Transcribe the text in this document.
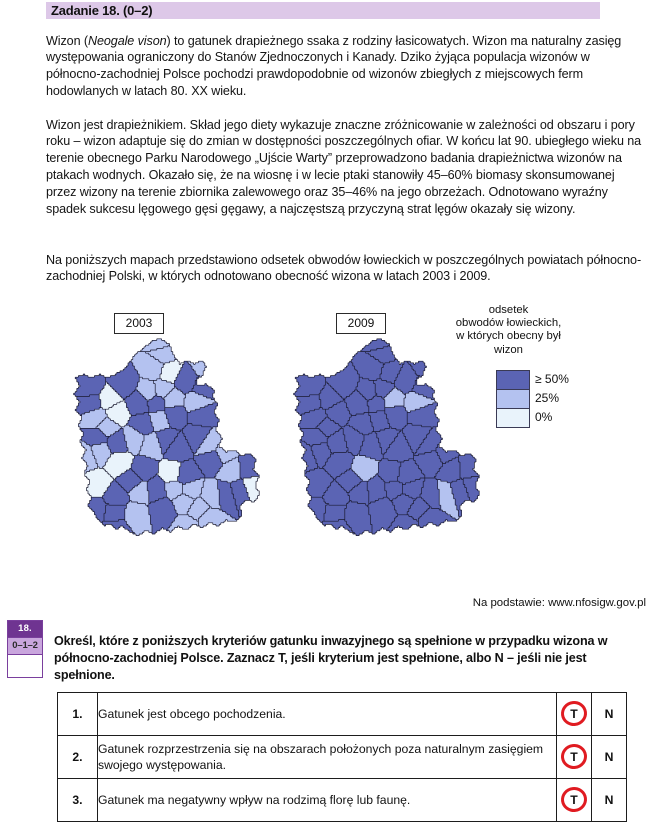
Zadanie 18. (0–2)

Wizon (Neogale vison) to gatunek drapieżnego ssaka z rodziny łasicowatych. Wizon ma naturalny zasięg występowania ograniczony do Stanów Zjednoczonych i Kanady. Dziko żyjąca populacja wizonów w północno-zachodniej Polsce pochodzi prawdopodobnie od wizonów zbiegłych z miejscowych ferm hodowlanych w latach 80. XX wieku.

Wizon jest drapieżnikiem. Skład jego diety wykazuje znaczne zróżnicowanie w zależności od obszaru i pory roku – wizon adaptuje się do zmian w dostępności poszczególnych ofiar. W końcu lat 90. ubiegłego wieku na terenie obecnego Parku Narodowego „Ujście Warty” przeprowadzono badania drapieżnictwa wizonów na ptakach wodnych. Okazało się, że na wiosnę i w lecie ptaki stanowiły 45–60% biomasy skonsumowanej przez wizony na terenie zbiornika zalewowego oraz 35–46% na jego obrzeżach. Odnotowano wyraźny spadek sukcesu lęgowego gęsi gęgawy, a najczęstszą przyczyną strat lęgów okazały się wizony.

Na poniższych mapach przedstawiono odsetek obwodów łowieckich w poszczególnych powiatach północno-zachodniej Polski, w których odnotowano obecność wizona w latach 2003 i 2009.

2003	2009
odsetek
obwodów łowieckich,
w których obecny był
wizon
≥ 50%
25%
0%
Na podstawie: www.nfosigw.gov.pl
18.
0–1–2	Określ, które z poniższych kryteriów gatunku inwazyjnego są spełnione w przypadku wizona w północno-zachodniej Polsce. Zaznacz T, jeśli kryterium jest spełnione, albo N – jeśli nie jest spełnione.

1.	Gatunek jest obcego pochodzenia.	T	N
2.	Gatunek rozprzestrzenia się na obszarach położonych poza naturalnym zasięgiem swojego występowania.	T	N
3.	Gatunek ma negatywny wpływ na rodzimą florę lub faunę.	T	N
